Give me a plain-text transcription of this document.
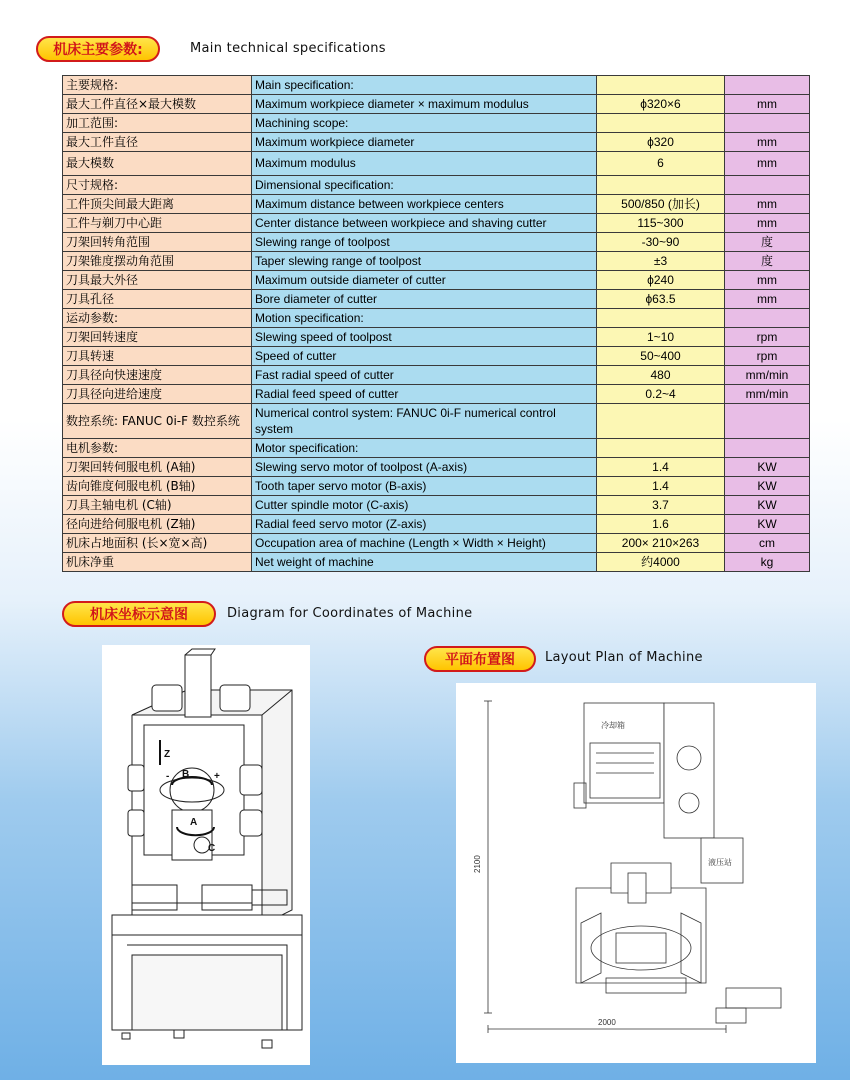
机床主要参数:	Main technical specifications
主要规格:	Main specification:		
最大工件直径×最大模数	Maximum workpiece diameter × maximum modulus	ϕ320×6	mm
加工范围:	Machining scope:		
最大工件直径	Maximum workpiece diameter	ϕ320	mm
最大模数	Maximum modulus	6	mm
尺寸规格:	Dimensional specification:		
工件顶尖间最大距离	Maximum distance between workpiece centers	500/850 (加长)	mm
工件与剃刀中心距	Center distance between workpiece and shaving cutter	115~300	mm
刀架回转角范围	Slewing range of toolpost	-30~90	度
刀架锥度摆动角范围	Taper slewing range of toolpost	±3	度
刀具最大外径	Maximum outside diameter of cutter	ϕ240	mm
刀具孔径	Bore diameter of cutter	ϕ63.5	mm
运动参数:	Motion specification:		
刀架回转速度	Slewing speed of toolpost	1~10	rpm
刀具转速	Speed of cutter	50~400	rpm
刀具径向快速速度	Fast radial speed of cutter	480	mm/min
刀具径向进给速度	Radial feed speed of cutter	0.2~4	mm/min
数控系统: FANUC 0i-F 数控系统	Numerical control system: FANUC 0i-F numerical control system		
电机参数:	Motor specification:		
刀架回转伺服电机 (A轴)	Slewing servo motor of toolpost (A-axis)	1.4	KW
齿向锥度伺服电机 (B轴)	Tooth taper servo motor (B-axis)	1.4	KW
刀具主轴电机 (C轴)	Cutter spindle motor (C-axis)	3.7	KW
径向进给伺服电机 (Z轴)	Radial feed servo motor (Z-axis)	1.6	KW
机床占地面积 (长×宽×高)	Occupation area of machine (Length × Width × Height)	200× 210×263	cm
机床净重	Net weight of machine	约4000	kg
机床坐标示意图	Diagram for Coordinates of Machine
平面布置图 Layout Plan of Machine
Z
B
-	+
A
C
冷却箱
液压站
2000
2100
